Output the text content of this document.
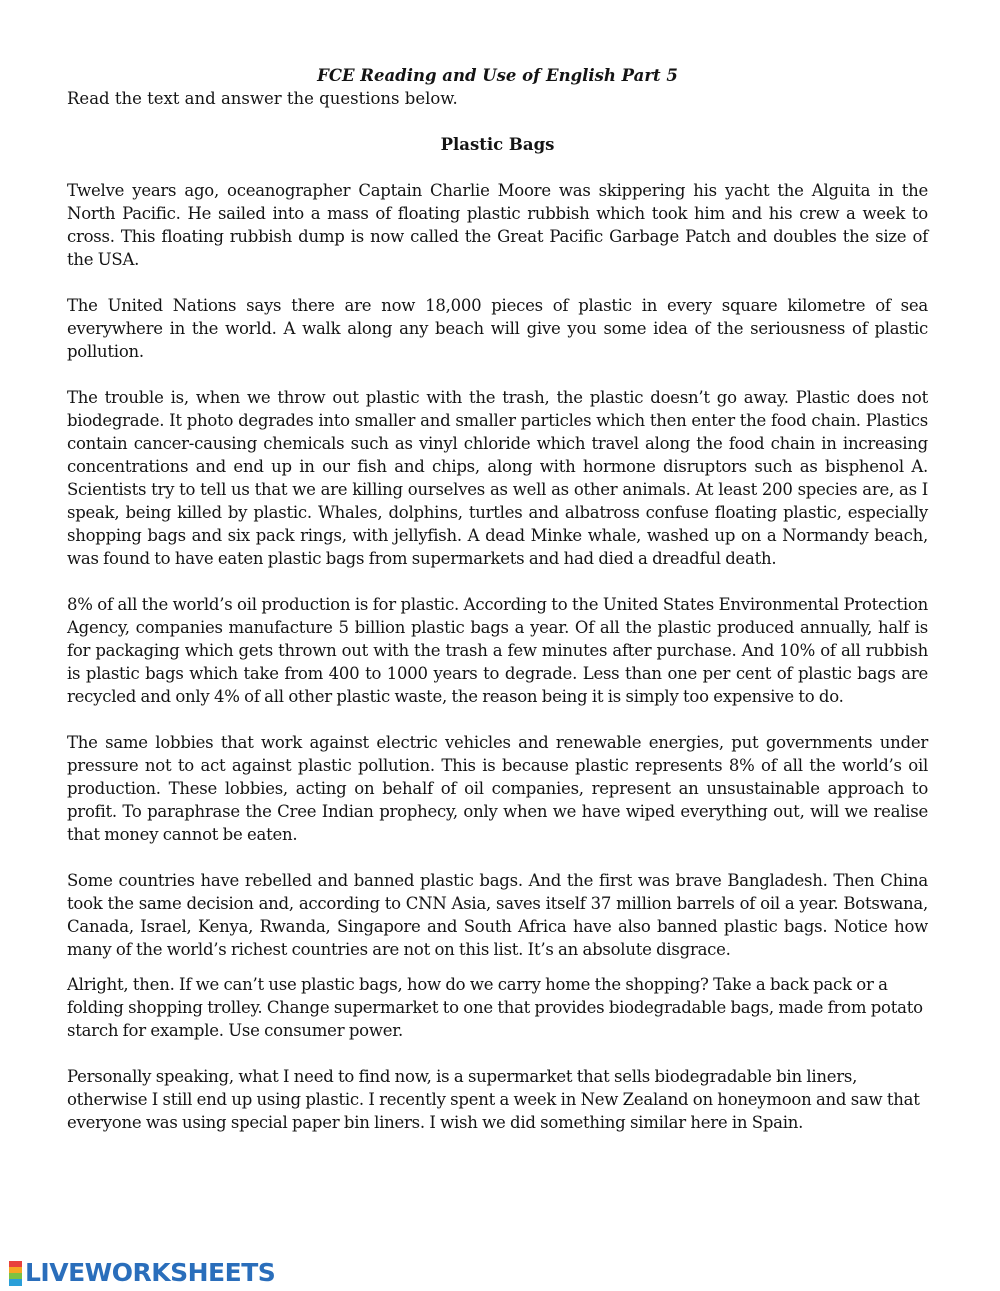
FCE Reading and Use of English Part 5

Read the text and answer the questions below.

Plastic Bags

Twelve years ago, oceanographer Captain Charlie Moore was skippering his yacht the Alguita in the North Pacific. He sailed into a mass of floating plastic rubbish which took him and his crew a week to cross. This floating rubbish dump is now called the Great Pacific Garbage Patch and doubles the size of the USA.

The United Nations says there are now 18,000 pieces of plastic in every square kilometre of sea everywhere in the world. A walk along any beach will give you some idea of the seriousness of plastic pollution.

The trouble is, when we throw out plastic with the trash, the plastic doesn’t go away. Plastic does not biodegrade. It photo degrades into smaller and smaller particles which then enter the food chain. Plastics contain cancer-causing chemicals such as vinyl chloride which travel along the food chain in increasing concentrations and end up in our fish and chips, along with hormone disruptors such as bisphenol A. Scientists try to tell us that we are killing ourselves as well as other animals. At least 200 species are, as I speak, being killed by plastic. Whales, dolphins, turtles and albatross confuse floating plastic, especially shopping bags and six pack rings, with jellyfish. A dead Minke whale, washed up on a Normandy beach, was found to have eaten plastic bags from supermarkets and had died a dreadful death.

8% of all the world’s oil production is for plastic. According to the United States Environmental Protection Agency, companies manufacture 5 billion plastic bags a year. Of all the plastic produced annually, half is for packaging which gets thrown out with the trash a few minutes after purchase. And 10% of all rubbish is plastic bags which take from 400 to 1000 years to degrade. Less than one per cent of plastic bags are recycled and only 4% of all other plastic waste, the reason being it is simply too expensive to do.

The same lobbies that work against electric vehicles and renewable energies, put governments under pressure not to act against plastic pollution. This is because plastic represents 8% of all the world’s oil production. These lobbies, acting on behalf of oil companies, represent an unsustainable approach to profit. To paraphrase the Cree Indian prophecy, only when we have wiped everything out, will we realise that money cannot be eaten.

Some countries have rebelled and banned plastic bags. And the first was brave Bangladesh. Then China took the same decision and, according to CNN Asia, saves itself 37 million barrels of oil a year. Botswana, Canada, Israel, Kenya, Rwanda, Singapore and South Africa have also banned plastic bags. Notice how many of the world’s richest countries are not on this list. It’s an absolute disgrace.

Alright, then. If we can’t use plastic bags, how do we carry home the shopping? Take a back pack or a folding shopping trolley. Change supermarket to one that provides biodegradable bags, made from potato starch for example. Use consumer power.

Personally speaking, what I need to find now, is a supermarket that sells biodegradable bin liners, otherwise I still end up using plastic. I recently spent a week in New Zealand on honeymoon and saw that everyone was using special paper bin liners. I wish we did something similar here in Spain.

LIVEWORKSHEETS
